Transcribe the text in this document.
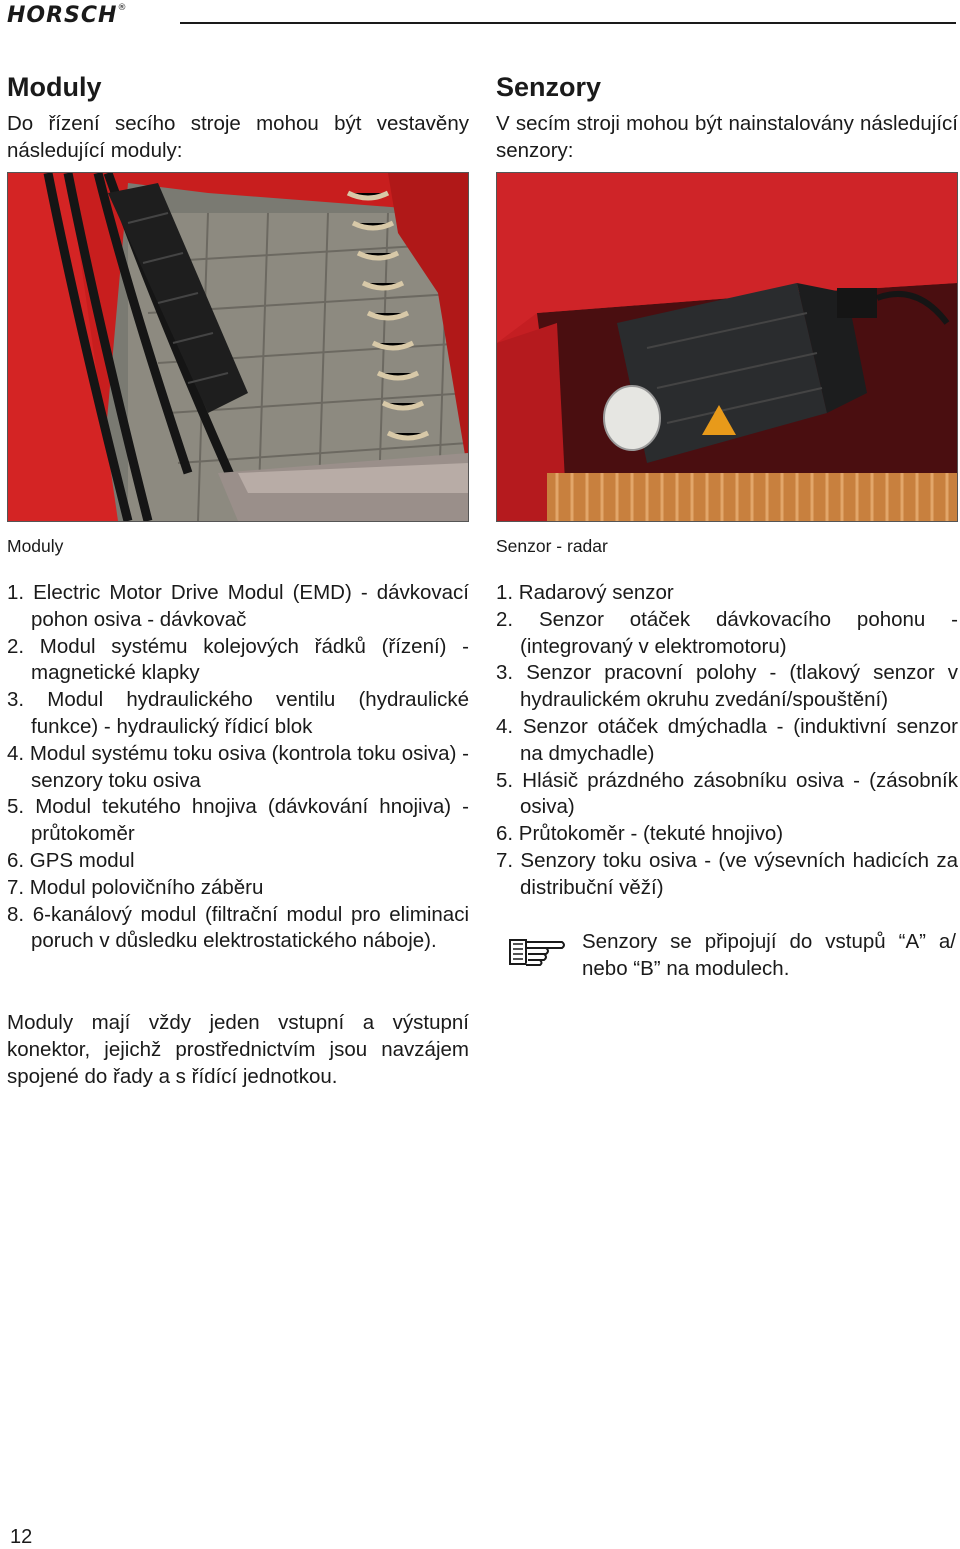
HORSCH®
Moduly

Do řízení secího stroje mohou být vestavěny následující moduly:

Moduly

1. Electric Motor Drive Modul (EMD) - dávkovací pohon osiva - dávkovač
2. Modul systému kolejových řádků (řízení) - magnetické klapky
3. Modul hydraulického ventilu (hydraulické funkce) - hydraulický řídicí blok
4. Modul systému toku osiva (kontrola toku osiva) - senzory toku osiva
5. Modul tekutého hnojiva (dávkování hnojiva) - průtokoměr
6. GPS modul
7. Modul polovičního záběru
8. 6-kanálový modul (filtrační modul pro eliminaci poruch v důsledku elektrostatického náboje).

Moduly mají vždy jeden vstupní a výstupní konektor, jejichž prostřednictvím jsou navzájem spojené do řady a s řídící jednotkou.

Senzory

V secím stroji mohou být nainstalovány následující senzory:

Senzor - radar

1. Radarový senzor
2. Senzor otáček dávkovacího pohonu - (integrovaný v elektromotoru)
3. Senzor pracovní polohy - (tlakový senzor v hydraulickém okruhu zvedání/spouštění)
4. Senzor otáček dmýchadla - (induktivní senzor na dmychadle)
5. Hlásič prázdného zásobníku osiva - (zásobník osiva)
6. Průtokoměr - (tekuté hnojivo)
7. Senzory toku osiva - (ve výsevních hadicích za distribuční věží)

Senzory se připojují do vstupů “A” a/ nebo “B” na modulech.

12
